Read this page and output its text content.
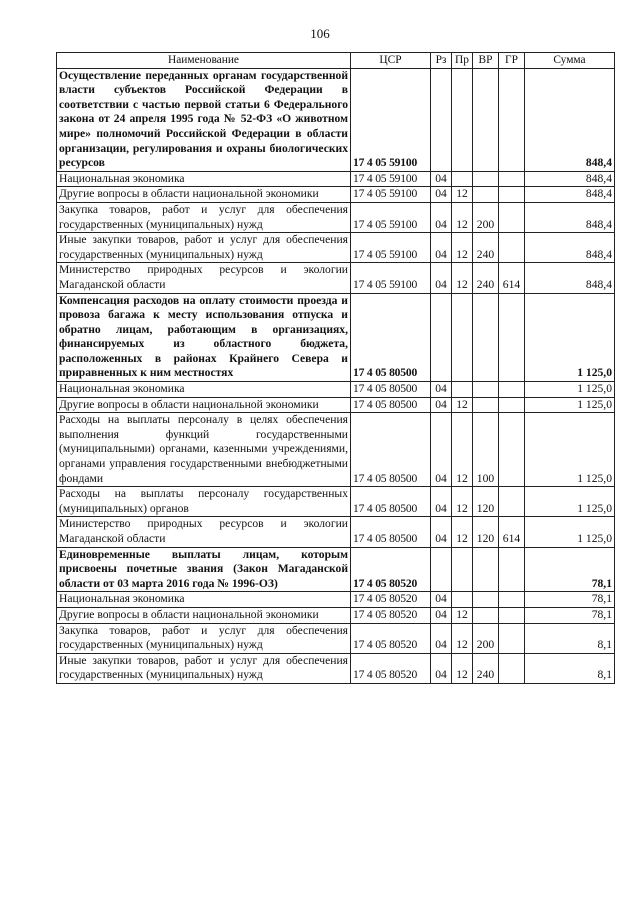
106
Наименование	ЦСР	Рз	Пр	ВР	ГР	Сумма
Осуществление переданных органам государственной власти субъектов Российской Федерации в соответствии с частью первой статьи 6 Федерального закона от 24 апреля 1995 года № 52-ФЗ «О животном мире» полномочий Российской Федерации в области организации, регулирования и охраны биологических ресурсов	17 4 05 59100					848,4
Национальная экономика	17 4 05 59100	04				848,4
Другие вопросы в области национальной экономики	17 4 05 59100	04	12			848,4
Закупка товаров, работ и услуг для обеспечения государственных (муниципальных) нужд	17 4 05 59100	04	12	200		848,4
Иные закупки товаров, работ и услуг для обеспечения государственных (муниципальных) нужд	17 4 05 59100	04	12	240		848,4
Министерство природных ресурсов и экологии Магаданской области	17 4 05 59100	04	12	240	614	848,4
Компенсация расходов на оплату стоимости проезда и провоза багажа к месту использования отпуска и обратно лицам, работающим в организациях, финансируемых из областного бюджета, расположенных в районах Крайнего Севера и приравненных к ним местностях	17 4 05 80500					1 125,0
Национальная экономика	17 4 05 80500	04				1 125,0
Другие вопросы в области национальной экономики	17 4 05 80500	04	12			1 125,0
Расходы на выплаты персоналу в целях обеспечения выполнения функций государственными (муниципальными) органами, казенными учреждениями, органами управления государственными внебюджетными фондами	17 4 05 80500	04	12	100		1 125,0
Расходы на выплаты персоналу государственных (муниципальных) органов	17 4 05 80500	04	12	120		1 125,0
Министерство природных ресурсов и экологии Магаданской области	17 4 05 80500	04	12	120	614	1 125,0
Единовременные выплаты лицам, которым присвоены почетные звания (Закон Магаданской области от 03 марта 2016 года № 1996-ОЗ)	17 4 05 80520					78,1
Национальная экономика	17 4 05 80520	04				78,1
Другие вопросы в области национальной экономики	17 4 05 80520	04	12			78,1
Закупка товаров, работ и услуг для обеспечения государственных (муниципальных) нужд	17 4 05 80520	04	12	200		8,1
Иные закупки товаров, работ и услуг для обеспечения государственных (муниципальных) нужд	17 4 05 80520	04	12	240		8,1
